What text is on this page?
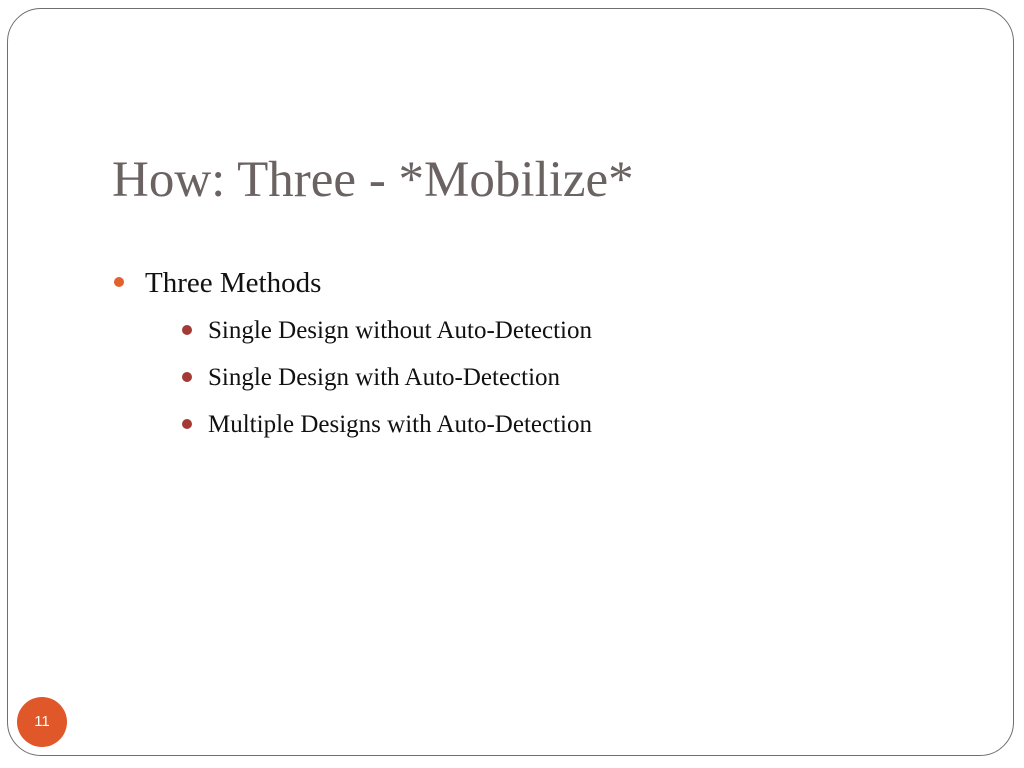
How: Three - *Mobilize*
Three Methods
Single Design without Auto-Detection
Single Design with Auto-Detection
Multiple Designs with Auto-Detection
11
